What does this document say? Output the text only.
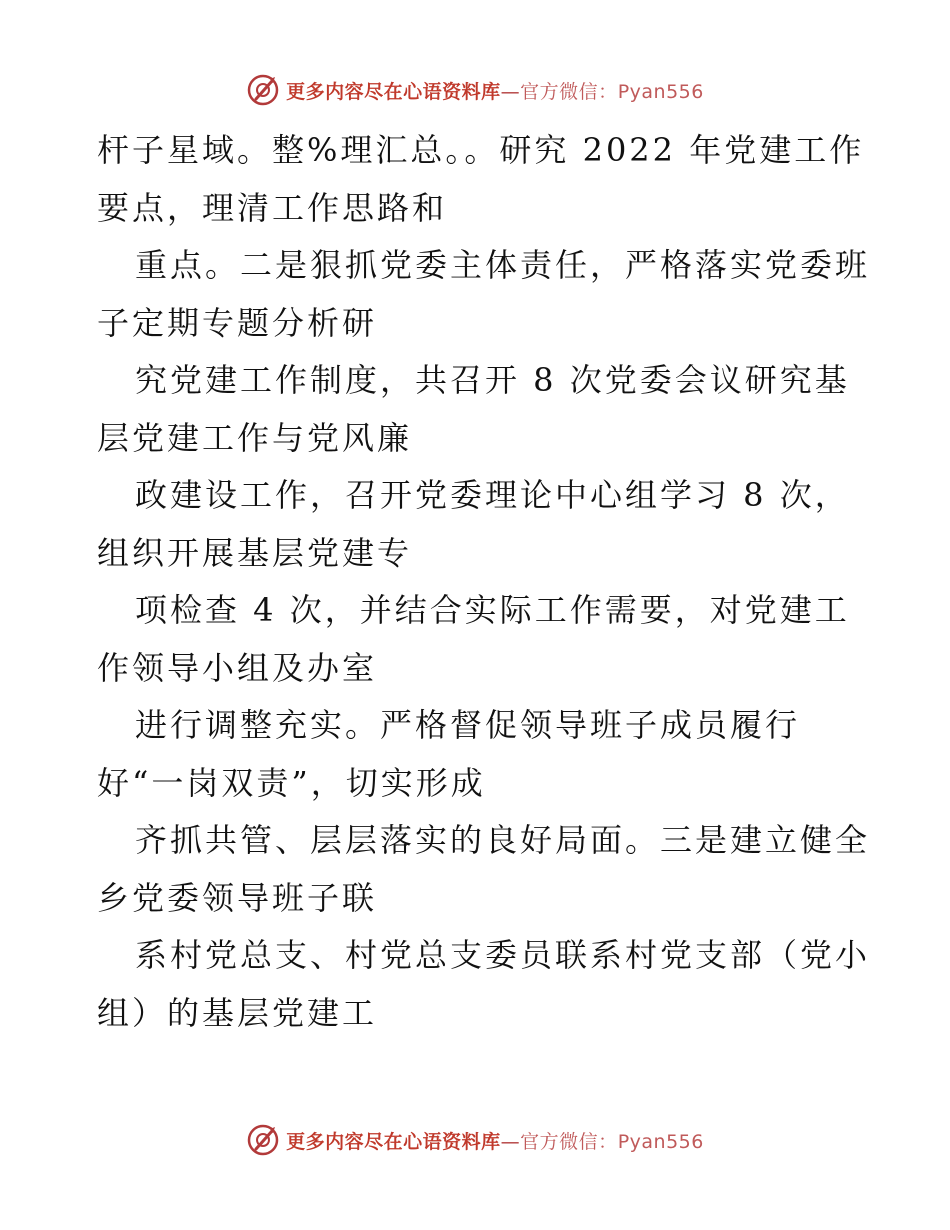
更多内容尽在心语资料库—官方微信：Pyan556
杆子星域。整%理汇总。。研究 2022 年党建工作
要点，理清工作思路和
重点。二是狠抓党委主体责任，严格落实党委班
子定期专题分析研
究党建工作制度，共召开 8 次党委会议研究基
层党建工作与党风廉
政建设工作，召开党委理论中心组学习 8 次，
组织开展基层党建专
项检查 4 次，并结合实际工作需要，对党建工
作领导小组及办室
进行调整充实。严格督促领导班子成员履行
好“一岗双责”，切实形成
齐抓共管、层层落实的良好局面。三是建立健全
乡党委领导班子联
系村党总支、村党总支委员联系村党支部（党小
组）的基层党建工
更多内容尽在心语资料库—官方微信：Pyan556
